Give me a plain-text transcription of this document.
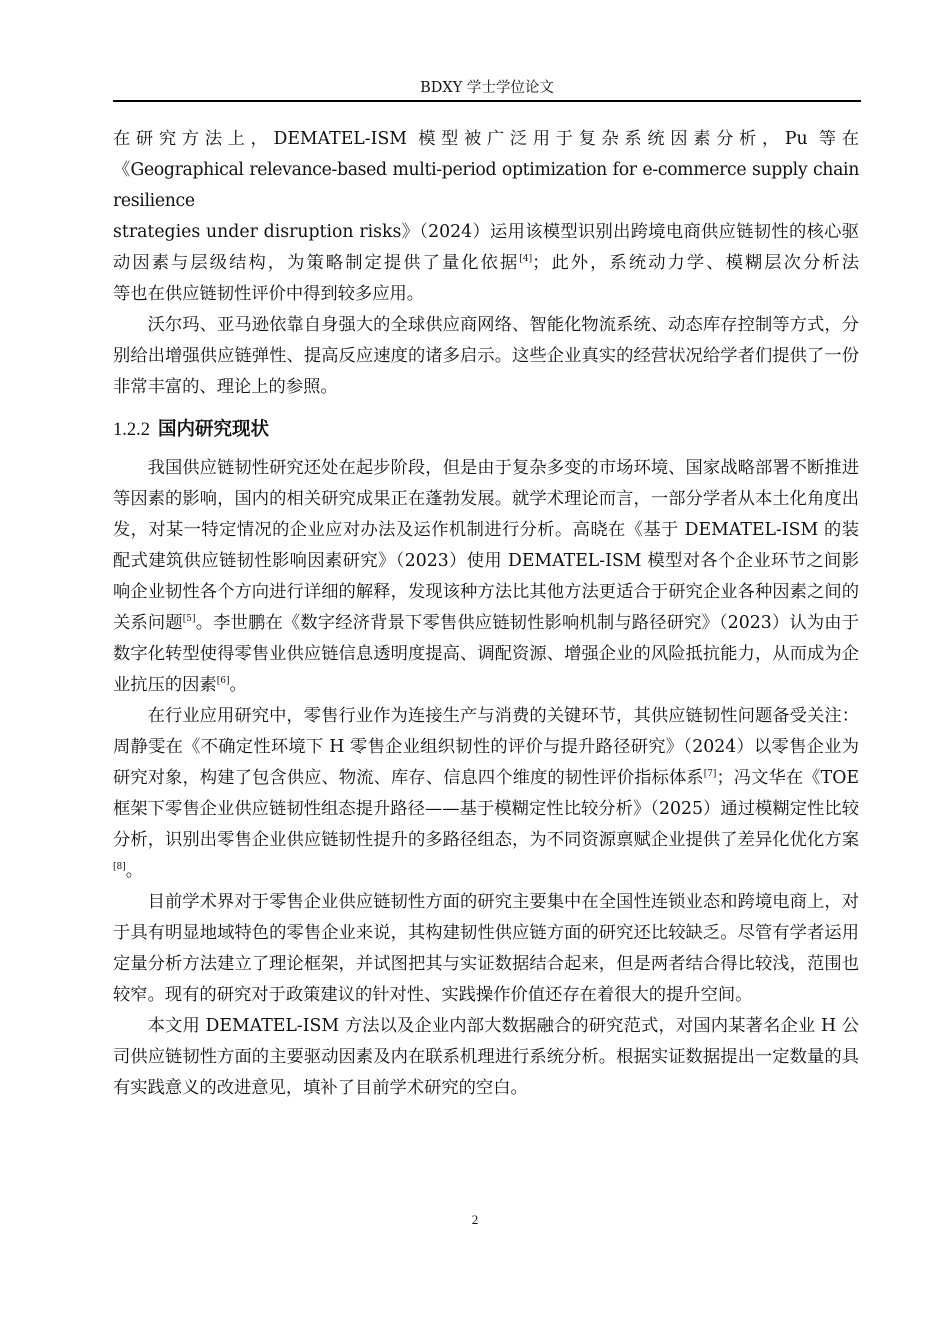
BDXY 学士学位论文

在研究方法上，DEMATEL-ISM 模型被广泛用于复杂系统因素分析，Pu 等在
《Geographical relevance-based multi-period optimization for e-commerce supply chain resilience
strategies under disruption risks》（2024）运用该模型识别出跨境电商供应链韧性的核心驱
动因素与层级结构，为策略制定提供了量化依据[4]；此外，系统动力学、模糊层次分析法
等也在供应链韧性评价中得到较多应用。

沃尔玛、亚马逊依靠自身强大的全球供应商网络、智能化物流系统、动态库存控制等方式，分别给出增强供应链弹性、提高反应速度的诸多启示。这些企业真实的经营状况给学者们提供了一份非常丰富的、理论上的参照。

1.2.2 国内研究现状

我国供应链韧性研究还处在起步阶段，但是由于复杂多变的市场环境、国家战略部署不断推进等因素的影响，国内的相关研究成果正在蓬勃发展。就学术理论而言，一部分学者从本土化角度出发，对某一特定情况的企业应对办法及运作机制进行分析。高晓在《基于 DEMATEL-ISM 的装配式建筑供应链韧性影响因素研究》（2023）使用 DEMATEL-ISM 模型对各个企业环节之间影响企业韧性各个方向进行详细的解释，发现该种方法比其他方法更适合于研究企业各种因素之间的关系问题[5]。李世鹏在《数字经济背景下零售供应链韧性影响机制与路径研究》（2023）认为由于数字化转型使得零售业供应链信息透明度提高、调配资源、增强企业的风险抵抗能力，从而成为企业抗压的因素[6]。

在行业应用研究中，零售行业作为连接生产与消费的关键环节，其供应链韧性问题备受关注：周静雯在《不确定性环境下 H 零售企业组织韧性的评价与提升路径研究》（2024）以零售企业为研究对象，构建了包含供应、物流、库存、信息四个维度的韧性评价指标体系[7]；冯文华在《TOE 框架下零售企业供应链韧性组态提升路径——基于模糊定性比较分析》（2025）通过模糊定性比较分析，识别出零售企业供应链韧性提升的多路径组态，为不同资源禀赋企业提供了差异化优化方案[8]。

目前学术界对于零售企业供应链韧性方面的研究主要集中在全国性连锁业态和跨境电商上，对于具有明显地域特色的零售企业来说，其构建韧性供应链方面的研究还比较缺乏。尽管有学者运用定量分析方法建立了理论框架，并试图把其与实证数据结合起来，但是两者结合得比较浅，范围也较窄。现有的研究对于政策建议的针对性、实践操作价值还存在着很大的提升空间。

本文用 DEMATEL-ISM 方法以及企业内部大数据融合的研究范式，对国内某著名企业 H 公司供应链韧性方面的主要驱动因素及内在联系机理进行系统分析。根据实证数据提出一定数量的具有实践意义的改进意见，填补了目前学术研究的空白。

2
